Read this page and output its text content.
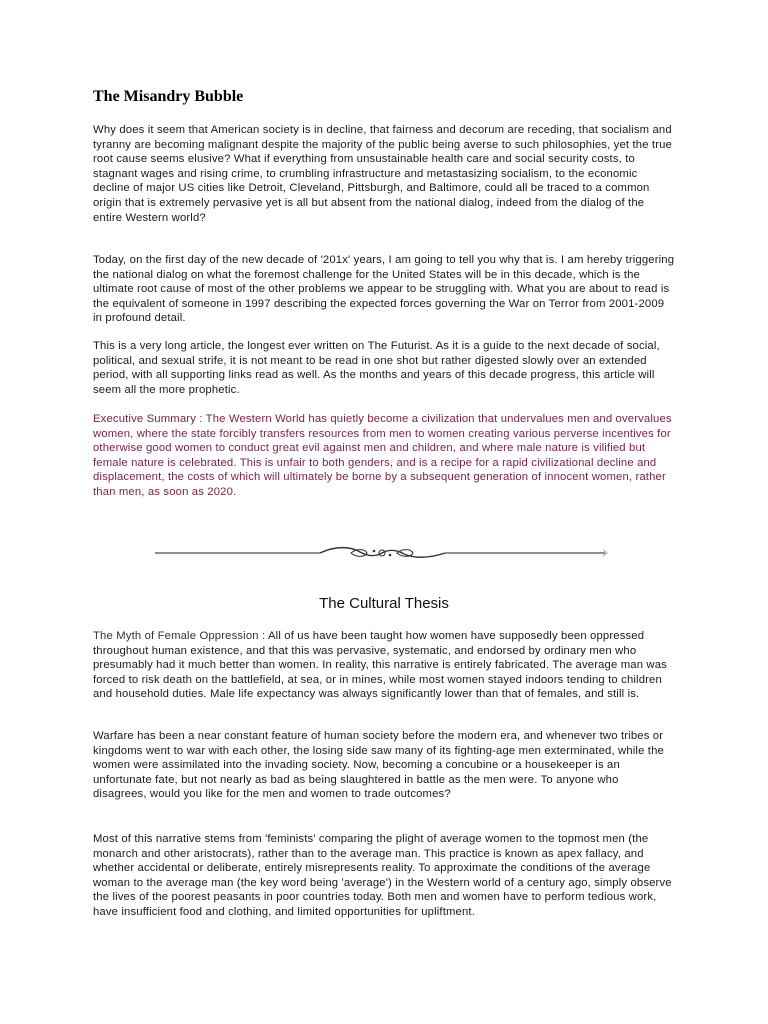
The Misandry Bubble

Why does it seem that American society is in decline, that fairness and decorum are receding, that socialism and tyranny are becoming malignant despite the majority of the public being averse to such philosophies, yet the true root cause seems elusive? What if everything from unsustainable health care and social security costs, to stagnant wages and rising crime, to crumbling infrastructure and metastasizing socialism, to the economic decline of major US cities like Detroit, Cleveland, Pittsburgh, and Baltimore, could all be traced to a common origin that is extremely pervasive yet is all but absent from the national dialog, indeed from the dialog of the entire Western world?

Today, on the first day of the new decade of '201x' years, I am going to tell you why that is. I am hereby triggering the national dialog on what the foremost challenge for the United States will be in this decade, which is the ultimate root cause of most of the other problems we appear to be struggling with. What you are about to read is the equivalent of someone in 1997 describing the expected forces governing the War on Terror from 2001-2009 in profound detail.

This is a very long article, the longest ever written on The Futurist. As it is a guide to the next decade of social, political, and sexual strife, it is not meant to be read in one shot but rather digested slowly over an extended period, with all supporting links read as well. As the months and years of this decade progress, this article will seem all the more prophetic.

Executive Summary : The Western World has quietly become a civilization that undervalues men and overvalues women, where the state forcibly transfers resources from men to women creating various perverse incentives for otherwise good women to conduct great evil against men and children, and where male nature is vilified but female nature is celebrated. This is unfair to both genders, and is a recipe for a rapid civilizational decline and displacement, the costs of which will ultimately be borne by a subsequent generation of innocent women, rather than men, as soon as 2020.

The Cultural Thesis

The Myth of Female Oppression : All of us have been taught how women have supposedly been oppressed throughout human existence, and that this was pervasive, systematic, and endorsed by ordinary men who presumably had it much better than women. In reality, this narrative is entirely fabricated. The average man was forced to risk death on the battlefield, at sea, or in mines, while most women stayed indoors tending to children and household duties. Male life expectancy was always significantly lower than that of females, and still is.

Warfare has been a near constant feature of human society before the modern era, and whenever two tribes or kingdoms went to war with each other, the losing side saw many of its fighting-age men exterminated, while the women were assimilated into the invading society. Now, becoming a concubine or a housekeeper is an unfortunate fate, but not nearly as bad as being slaughtered in battle as the men were. To anyone who disagrees, would you like for the men and women to trade outcomes?

Most of this narrative stems from 'feminists' comparing the plight of average women to the topmost men (the monarch and other aristocrats), rather than to the average man. This practice is known as apex fallacy, and whether accidental or deliberate, entirely misrepresents reality. To approximate the conditions of the average woman to the average man (the key word being 'average') in the Western world of a century ago, simply observe the lives of the poorest peasants in poor countries today. Both men and women have to perform tedious work, have insufficient food and clothing, and limited opportunities for upliftment.
